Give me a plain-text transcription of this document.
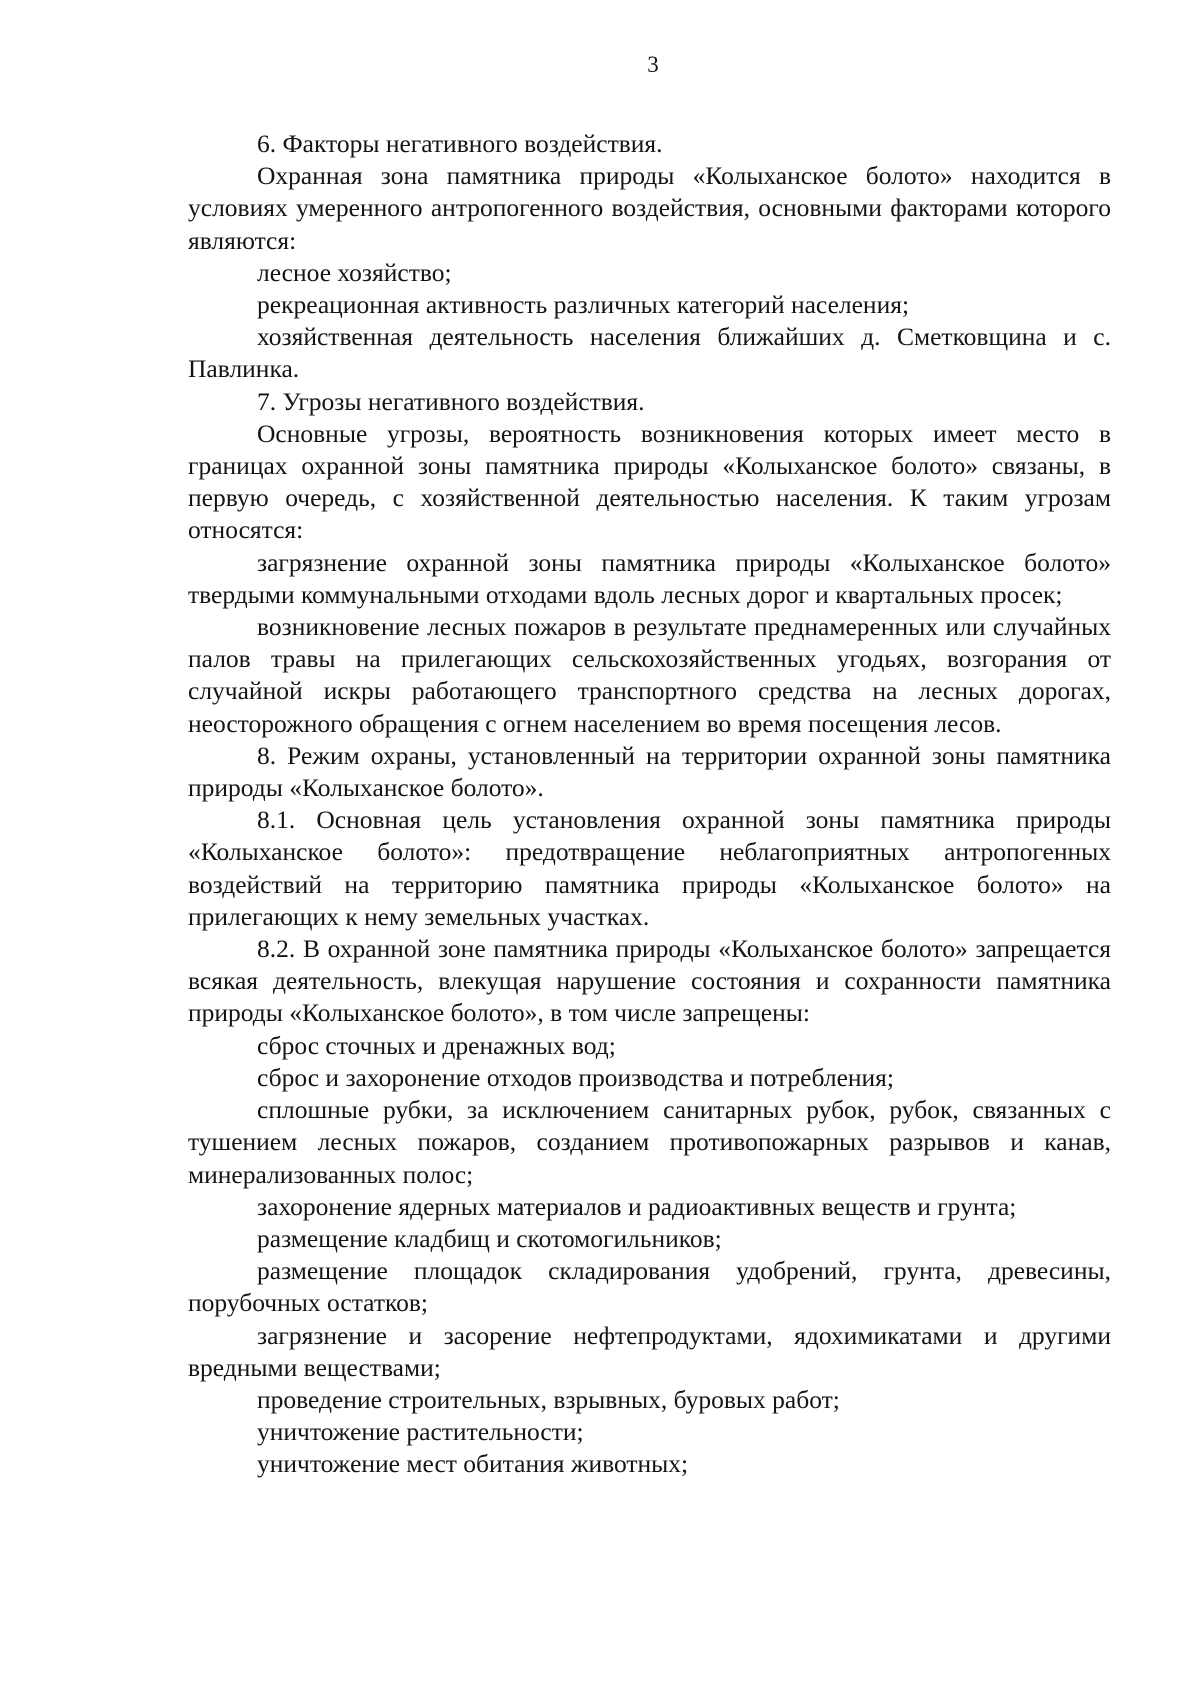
3

6. Факторы негативного воздействия.

Охранная зона памятника природы «Колыханское болото» находится в условиях умеренного антропогенного воздействия, основными факторами которого являются:

лесное хозяйство;

рекреационная активность различных категорий населения;

хозяйственная деятельность населения ближайших д. Сметковщина и с. Павлинка.

7. Угрозы негативного воздействия.

Основные угрозы, вероятность возникновения которых имеет место в границах охранной зоны памятника природы «Колыханское болото» связаны, в первую очередь, с хозяйственной деятельностью населения. К таким угрозам относятся:

загрязнение охранной зоны памятника природы «Колыханское болото» твердыми коммунальными отходами вдоль лесных дорог и квартальных просек;

возникновение лесных пожаров в результате преднамеренных или случайных палов травы на прилегающих сельскохозяйственных угодьях, возгорания от случайной искры работающего транспортного средства на лесных дорогах, неосторожного обращения с огнем населением во время посещения лесов.

8. Режим охраны, установленный на территории охранной зоны памятника природы «Колыханское болото».

8.1. Основная цель установления охранной зоны памятника природы «Колыханское болото»: предотвращение неблагоприятных антропогенных воздействий на территорию памятника природы «Колыханское болото» на прилегающих к нему земельных участках.

8.2. В охранной зоне памятника природы «Колыханское болото» запрещается всякая деятельность, влекущая нарушение состояния и сохранности памятника природы «Колыханское болото», в том числе запрещены:

сброс сточных и дренажных вод;

сброс и захоронение отходов производства и потребления;

сплошные рубки, за исключением санитарных рубок, рубок, связанных с тушением лесных пожаров, созданием противопожарных разрывов и канав, минерализованных полос;

захоронение ядерных материалов и радиоактивных веществ и грунта;

размещение кладбищ и скотомогильников;

размещение площадок складирования удобрений, грунта, древесины, порубочных остатков;

загрязнение и засорение нефтепродуктами, ядохимикатами и другими вредными веществами;

проведение строительных, взрывных, буровых работ;

уничтожение растительности;

уничтожение мест обитания животных;
